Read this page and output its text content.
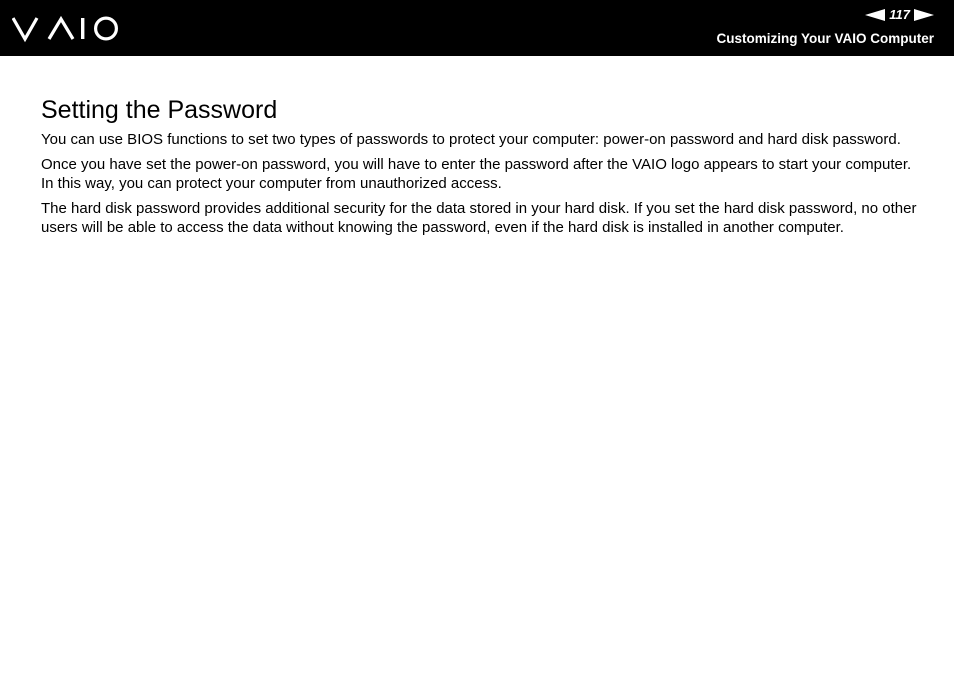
117
Customizing Your VAIO Computer
Setting the Password

You can use BIOS functions to set two types of passwords to protect your computer: power-on password and hard disk password.

Once you have set the power-on password, you will have to enter the password after the VAIO logo appears to start your computer. In this way, you can protect your computer from unauthorized access.

The hard disk password provides additional security for the data stored in your hard disk. If you set the hard disk password, no other users will be able to access the data without knowing the password, even if the hard disk is installed in another computer.
